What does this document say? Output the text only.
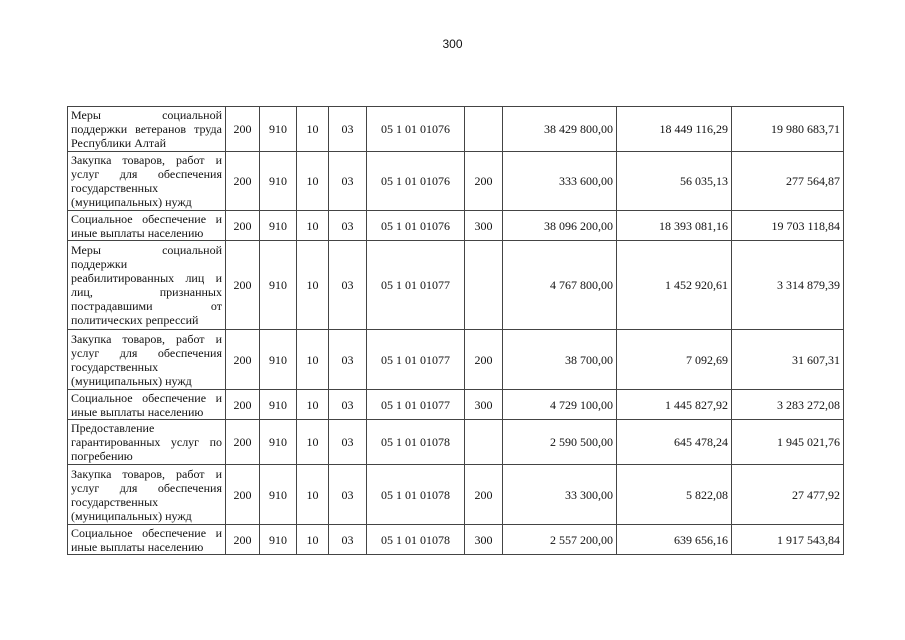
300
Меры социальной поддержки ветеранов труда Республики Алтай	200	910	10	03	05 1 01 01076		38 429 800,00	18 449 116,29	19 980 683,71
Закупка товаров, работ и услуг для обеспечения государственных (муниципальных) нужд	200	910	10	03	05 1 01 01076	200	333 600,00	56 035,13	277 564,87
Социальное обеспечение и иные выплаты населению	200	910	10	03	05 1 01 01076	300	38 096 200,00	18 393 081,16	19 703 118,84
Меры социальной поддержки реабилитированных лиц и лиц, признанных пострадавшими от политических репрессий	200	910	10	03	05 1 01 01077		4 767 800,00	1 452 920,61	3 314 879,39
Закупка товаров, работ и услуг для обеспечения государственных (муниципальных) нужд	200	910	10	03	05 1 01 01077	200	38 700,00	7 092,69	31 607,31
Социальное обеспечение и иные выплаты населению	200	910	10	03	05 1 01 01077	300	4 729 100,00	1 445 827,92	3 283 272,08
Предоставление гарантированных услуг по погребению	200	910	10	03	05 1 01 01078		2 590 500,00	645 478,24	1 945 021,76
Закупка товаров, работ и услуг для обеспечения государственных (муниципальных) нужд	200	910	10	03	05 1 01 01078	200	33 300,00	5 822,08	27 477,92
Социальное обеспечение и иные выплаты населению	200	910	10	03	05 1 01 01078	300	2 557 200,00	639 656,16	1 917 543,84
